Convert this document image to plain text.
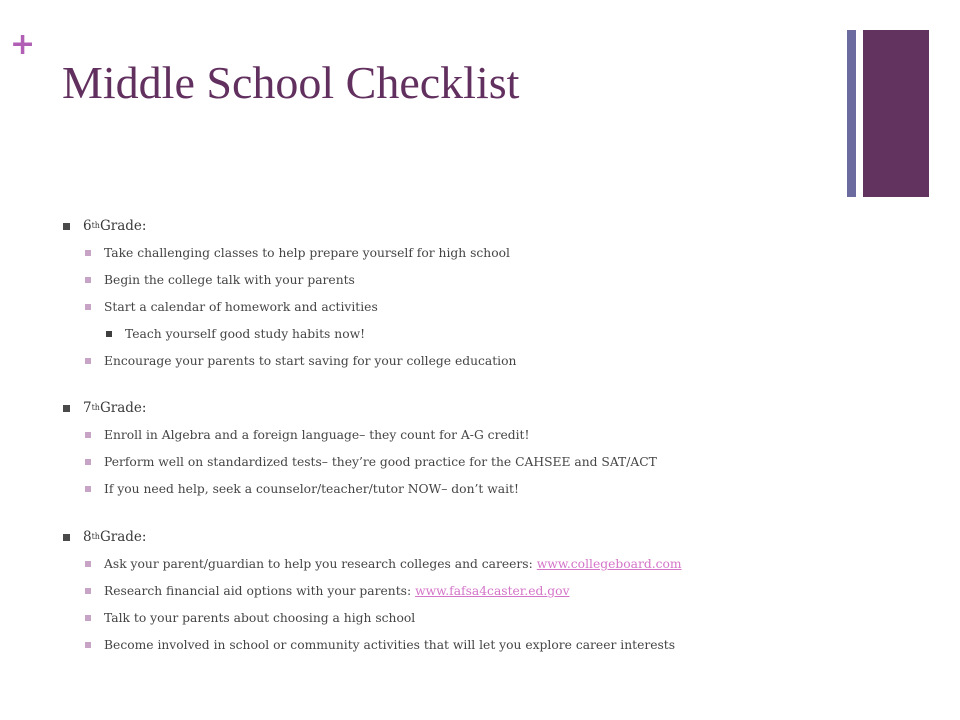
+
Middle School Checklist
6 th Grade:
Take challenging classes to help prepare yourself for high school
Begin the college talk with your parents
Start a calendar of homework and activities
Teach yourself good study habits now!
Encourage your parents to start saving for your college education
7 th Grade:
Enroll in Algebra and a foreign language– they count for A-G credit!
Perform well on standardized tests– they’re good practice for the CAHSEE and SAT/ACT
If you need help, seek a counselor/teacher/tutor NOW– don’t wait!
8 th Grade:
Ask your parent/guardian to help you research colleges and careers: www.collegeboard.com
Research financial aid options with your parents: www.fafsa4caster.ed.gov
Talk to your parents about choosing a high school
Become involved in school or community activities that will let you explore career interests
